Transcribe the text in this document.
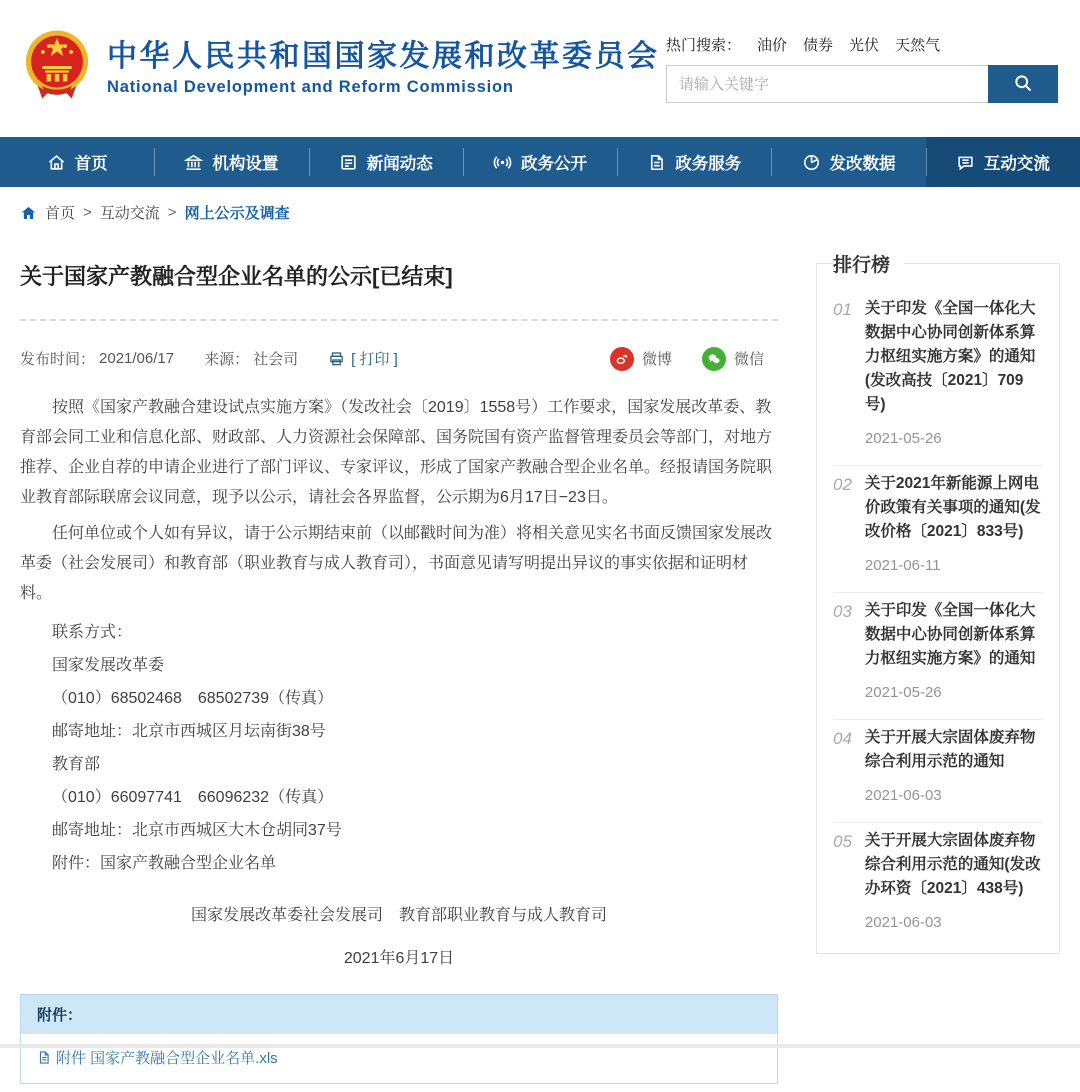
中华人民共和国国家发展和改革委员会
National Development and Reform Commission
热门搜索： 油价 债券 光伏 天然气
请输入关键字
首页	机构设置	新闻动态	政务公开	政务服务	发改数据	互动交流
首页 > 互动交流 > 网上公示及调查
关于国家产教融合型企业名单的公示[已结束]
发布时间： 2021/06/17 来源： 社会司	[ 打印 ]	微博	微信

按照《国家产教融合建设试点实施方案》（发改社会〔2019〕1558号）工作要求，国家发展改革委、教育部会同工业和信息化部、财政部、人力资源社会保障部、国务院国有资产监督管理委员会等部门，对地方推荐、企业自荐的申请企业进行了部门评议、专家评议，形成了国家产教融合型企业名单。经报请国务院职业教育部际联席会议同意，现予以公示，请社会各界监督，公示期为6月17日−23日。

任何单位或个人如有异议，请于公示期结束前（以邮戳时间为准）将相关意见实名书面反馈国家发展改革委（社会发展司）和教育部（职业教育与成人教育司），书面意见请写明提出异议的事实依据和证明材料。

联系方式：

国家发展改革委

（010）68502468　68502739（传真）

邮寄地址：北京市西城区月坛南街38号

教育部

（010）66097741　66096232（传真）

邮寄地址：北京市西城区大木仓胡同37号

附件：国家产教融合型企业名单

国家发展改革委社会发展司　教育部职业教育与成人教育司

2021年6月17日

附件：
附件 国家产教融合型企业名单.xls
排行榜
01 关于印发《全国一体化大数据中心协同创新体系算力枢纽实施方案》的通知(发改高技〔2021〕709号)
2021-05-26
02 关于2021年新能源上网电价政策有关事项的通知(发改价格〔2021〕833号)
2021-06-11
03 关于印发《全国一体化大数据中心协同创新体系算力枢纽实施方案》的通知
2021-05-26
04 关于开展大宗固体废弃物综合利用示范的通知
2021-06-03
05 关于开展大宗固体废弃物综合利用示范的通知(发改办环资〔2021〕438号)
2021-06-03
